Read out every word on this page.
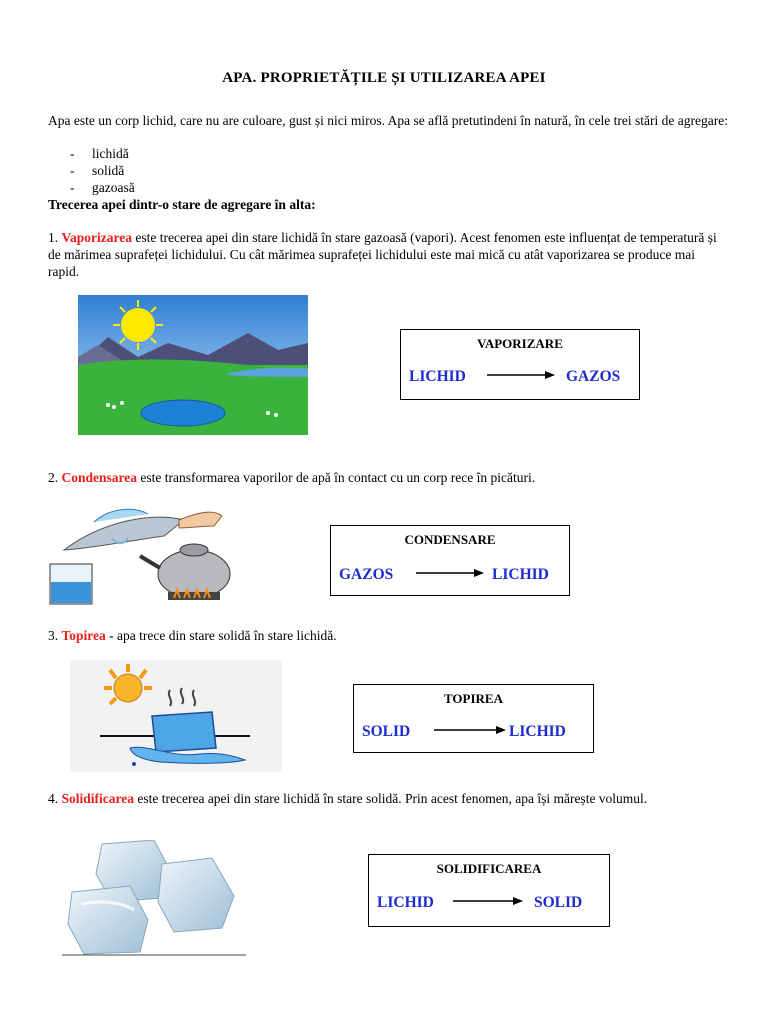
APA. PROPRIETĂȚILE ȘI UTILIZAREA APEI
Apa este un corp lichid, care nu are culoare, gust și nici miros. Apa se află pretutindeni în natură, în cele trei stări de agregare:
- lichidă
- solidă
- gazoasă
Trecerea apei dintr-o stare de agregare în alta:
1. Vaporizarea este trecerea apei din stare lichidă în stare gazoasă (vapori). Acest fenomen este influențat de temperatură și de mărimea suprafeței lichidului. Cu cât mărimea suprafeței lichidului este mai mică cu atât vaporizarea se produce mai rapid.
VAPORIZARE
LICHID	GAZOS
2. Condensarea este transformarea vaporilor de apă în contact cu un corp rece în picături.
CONDENSARE
GAZOS	LICHID
3. Topirea - apa trece din stare solidă în stare lichidă.
TOPIREA
SOLID	LICHID
4. Solidificarea este trecerea apei din stare lichidă în stare solidă. Prin acest fenomen, apa își mărește volumul.
SOLIDIFICAREA
LICHID	SOLID
